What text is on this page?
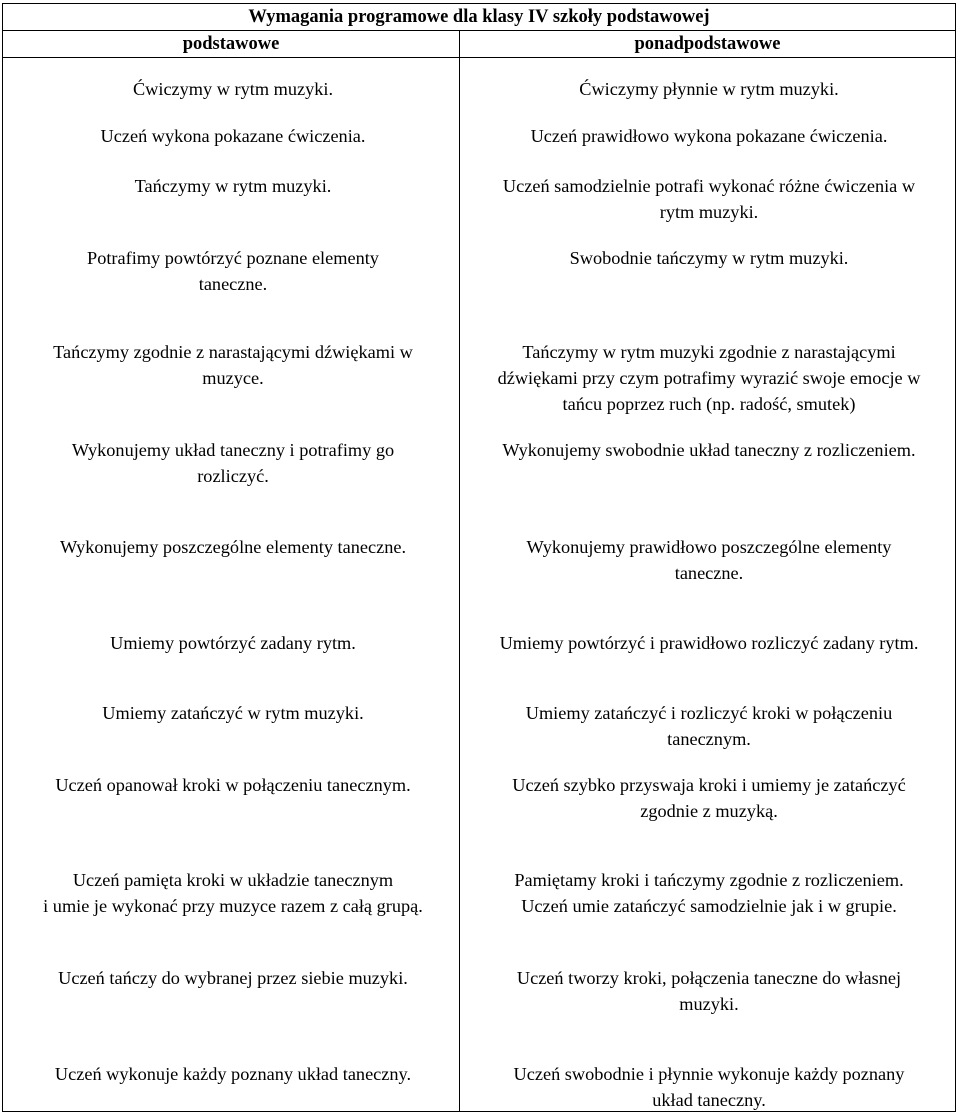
Wymagania programowe dla klasy IV szkoły podstawowej
podstawowe	ponadpodstawowe
Ćwiczymy w rytm muzyki.
Uczeń wykona pokazane ćwiczenia.
Tańczymy w rytm muzyki.
Potrafimy powtórzyć poznane elementy
taneczne.
Tańczymy zgodnie z narastającymi dźwiękami w
muzyce.
Wykonujemy układ taneczny i potrafimy go
rozliczyć.
Wykonujemy poszczególne elementy taneczne.
Umiemy powtórzyć zadany rytm.
Umiemy zatańczyć w rytm muzyki.
Uczeń opanował kroki w połączeniu tanecznym.
Uczeń pamięta kroki w układzie tanecznym
i umie je wykonać przy muzyce razem z całą grupą.
Uczeń tańczy do wybranej przez siebie muzyki.
Uczeń wykonuje każdy poznany układ taneczny.
Ćwiczymy płynnie w rytm muzyki.
Uczeń prawidłowo wykona pokazane ćwiczenia.
Uczeń samodzielnie potrafi wykonać różne ćwiczenia w
rytm muzyki.
Swobodnie tańczymy w rytm muzyki.
Tańczymy w rytm muzyki zgodnie z narastającymi
dźwiękami przy czym potrafimy wyrazić swoje emocje w
tańcu poprzez ruch (np. radość, smutek)
Wykonujemy swobodnie układ taneczny z rozliczeniem.
Wykonujemy prawidłowo poszczególne elementy
taneczne.
Umiemy powtórzyć i prawidłowo rozliczyć zadany rytm.
Umiemy zatańczyć i rozliczyć kroki w połączeniu
tanecznym.
Uczeń szybko przyswaja kroki i umiemy je zatańczyć
zgodnie z muzyką.
Pamiętamy kroki i tańczymy zgodnie z rozliczeniem.
Uczeń umie zatańczyć samodzielnie jak i w grupie.
Uczeń tworzy kroki, połączenia taneczne do własnej
muzyki.
Uczeń swobodnie i płynnie wykonuje każdy poznany
układ taneczny.
